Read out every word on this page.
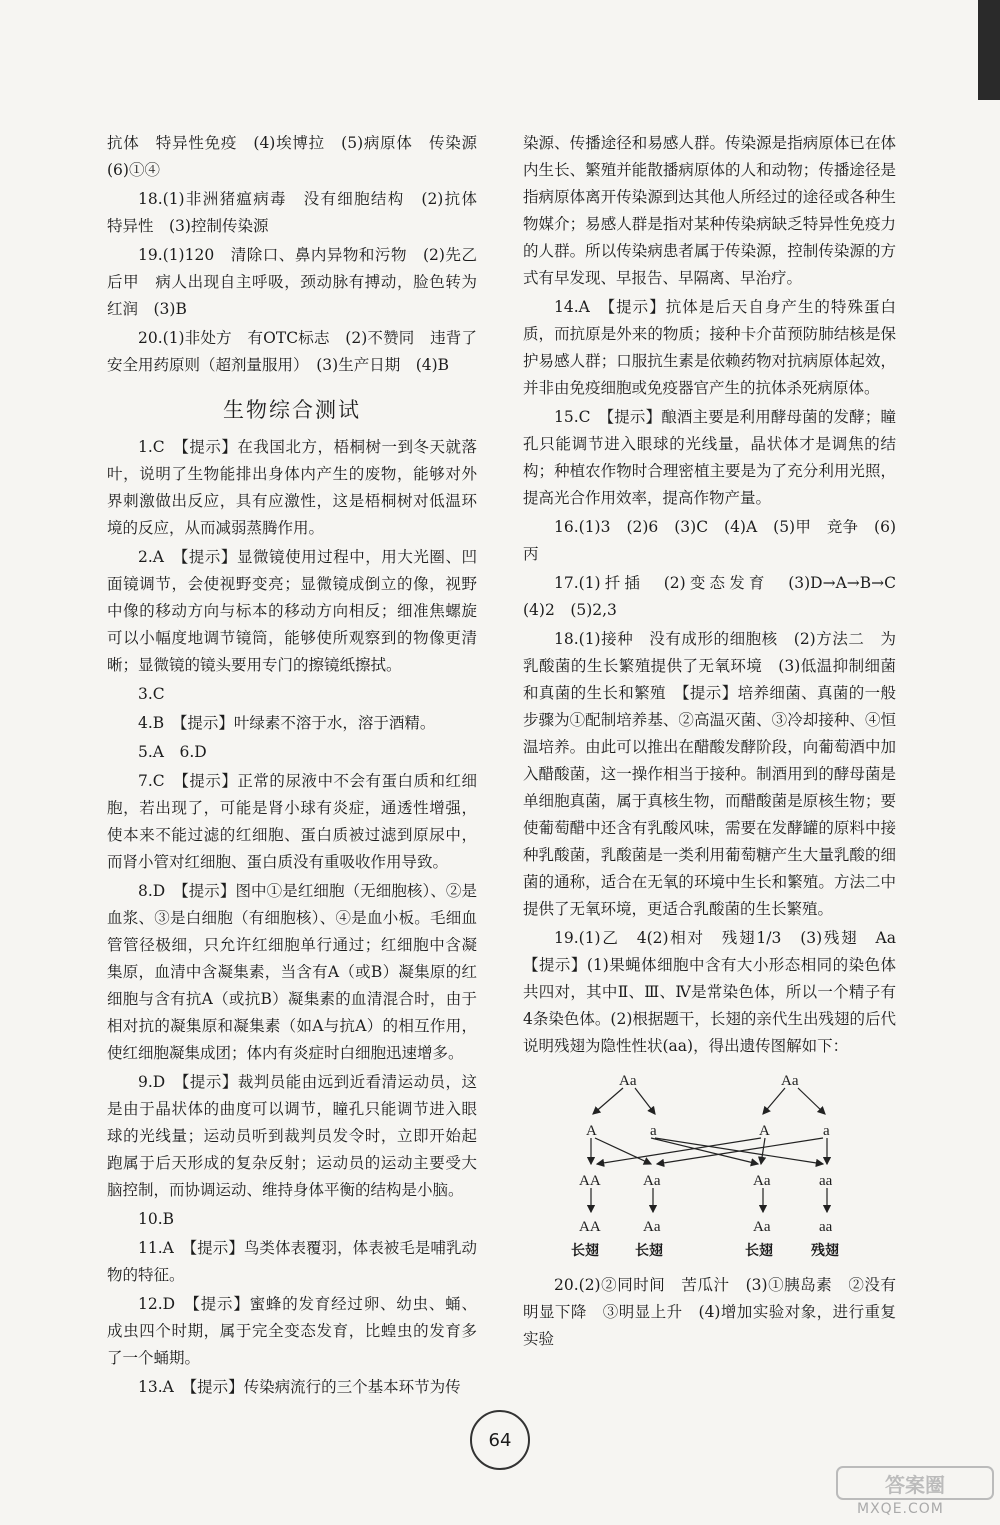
抗体　特异性免疫　(4)埃博拉　(5)病原体　传染源　(6)①④

18.(1)非洲猪瘟病毒　没有细胞结构　(2)抗体　特异性　(3)控制传染源

19.(1)120　清除口、鼻内异物和污物　(2)先乙后甲　病人出现自主呼吸，颈动脉有搏动，脸色转为红润　(3)B

20.(1)非处方　有OTC标志　(2)不赞同　违背了安全用药原则（超剂量服用）　(3)生产日期　(4)B

生物综合测试

1.C　【提示】在我国北方，梧桐树一到冬天就落叶，说明了生物能排出身体内产生的废物，能够对外界刺激做出反应，具有应激性，这是梧桐树对低温环境的反应，从而减弱蒸腾作用。

2.A　【提示】显微镜使用过程中，用大光圈、凹面镜调节，会使视野变亮；显微镜成倒立的像，视野中像的移动方向与标本的移动方向相反；细准焦螺旋可以小幅度地调节镜筒，能够使所观察到的物像更清晰；显微镜的镜头要用专门的擦镜纸擦拭。

3.C

4.B　【提示】叶绿素不溶于水，溶于酒精。

5.A　6.D

7.C　【提示】正常的尿液中不会有蛋白质和红细胞，若出现了，可能是肾小球有炎症，通透性增强，使本来不能过滤的红细胞、蛋白质被过滤到原尿中，而肾小管对红细胞、蛋白质没有重吸收作用导致。

8.D　【提示】图中①是红细胞（无细胞核）、②是血浆、③是白细胞（有细胞核）、④是血小板。毛细血管管径极细，只允许红细胞单行通过；红细胞中含凝集原，血清中含凝集素，当含有A（或B）凝集原的红细胞与含有抗A（或抗B）凝集素的血清混合时，由于相对抗的凝集原和凝集素（如A与抗A）的相互作用，使红细胞凝集成团；体内有炎症时白细胞迅速增多。

9.D　【提示】裁判员能由远到近看清运动员，这是由于晶状体的曲度可以调节，瞳孔只能调节进入眼球的光线量；运动员听到裁判员发令时，立即开始起跑属于后天形成的复杂反射；运动员的运动主要受大脑控制，而协调运动、维持身体平衡的结构是小脑。

10.B

11.A　【提示】鸟类体表覆羽，体表被毛是哺乳动物的特征。

12.D　【提示】蜜蜂的发育经过卵、幼虫、蛹、成虫四个时期，属于完全变态发育，比蝗虫的发育多了一个蛹期。

13.A　【提示】传染病流行的三个基本环节为传

染源、传播途径和易感人群。传染源是指病原体已在体内生长、繁殖并能散播病原体的人和动物；传播途径是指病原体离开传染源到达其他人所经过的途径或各种生物媒介；易感人群是指对某种传染病缺乏特异性免疫力的人群。所以传染病患者属于传染源，控制传染源的方式有早发现、早报告、早隔离、早治疗。

14.A　【提示】抗体是后天自身产生的特殊蛋白质，而抗原是外来的物质；接种卡介苗预防肺结核是保护易感人群；口服抗生素是依赖药物对抗病原体起效，并非由免疫细胞或免疫器官产生的抗体杀死病原体。

15.C　【提示】酿酒主要是利用酵母菌的发酵；瞳孔只能调节进入眼球的光线量，晶状体才是调焦的结构；种植农作物时合理密植主要是为了充分利用光照，提高光合作用效率，提高作物产量。

16.(1)3　(2)6　(3)C　(4)A　(5)甲　竞争　(6)丙

17.(1)扦插　(2)变态发育　(3)D→A→B→C　(4)2　(5)2,3

18.(1)接种　没有成形的细胞核　(2)方法二　为乳酸菌的生长繁殖提供了无氧环境　(3)低温抑制细菌和真菌的生长和繁殖　【提示】培养细菌、真菌的一般步骤为①配制培养基、②高温灭菌、③冷却接种、④恒温培养。由此可以推出在醋酸发酵阶段，向葡萄酒中加入醋酸菌，这一操作相当于接种。制酒用到的酵母菌是单细胞真菌，属于真核生物，而醋酸菌是原核生物；要使葡萄醋中还含有乳酸风味，需要在发酵罐的原料中接种乳酸菌，乳酸菌是一类利用葡萄糖产生大量乳酸的细菌的通称，适合在无氧的环境中生长和繁殖。方法二中提供了无氧环境，更适合乳酸菌的生长繁殖。

19.(1)乙　4(2)相对　残翅1/3　(3)残翅　Aa　【提示】(1)果蝇体细胞中含有大小形态相同的染色体共四对，其中Ⅱ、Ⅲ、Ⅳ是常染色体，所以一个精子有4条染色体。(2)根据题干，长翅的亲代生出残翅的后代说明残翅为隐性性状(aa)，得出遗传图解如下：

Aa	Aa
A	a	A	a
AA	Aa	Aa	aa
AA	Aa	Aa	aa
长翅	长翅	长翅	残翅

20.(2)②同时间　苦瓜汁　(3)①胰岛素　②没有明显下降　③明显上升　(4)增加实验对象，进行重复实验

64
答案圈
MXQE.COM
